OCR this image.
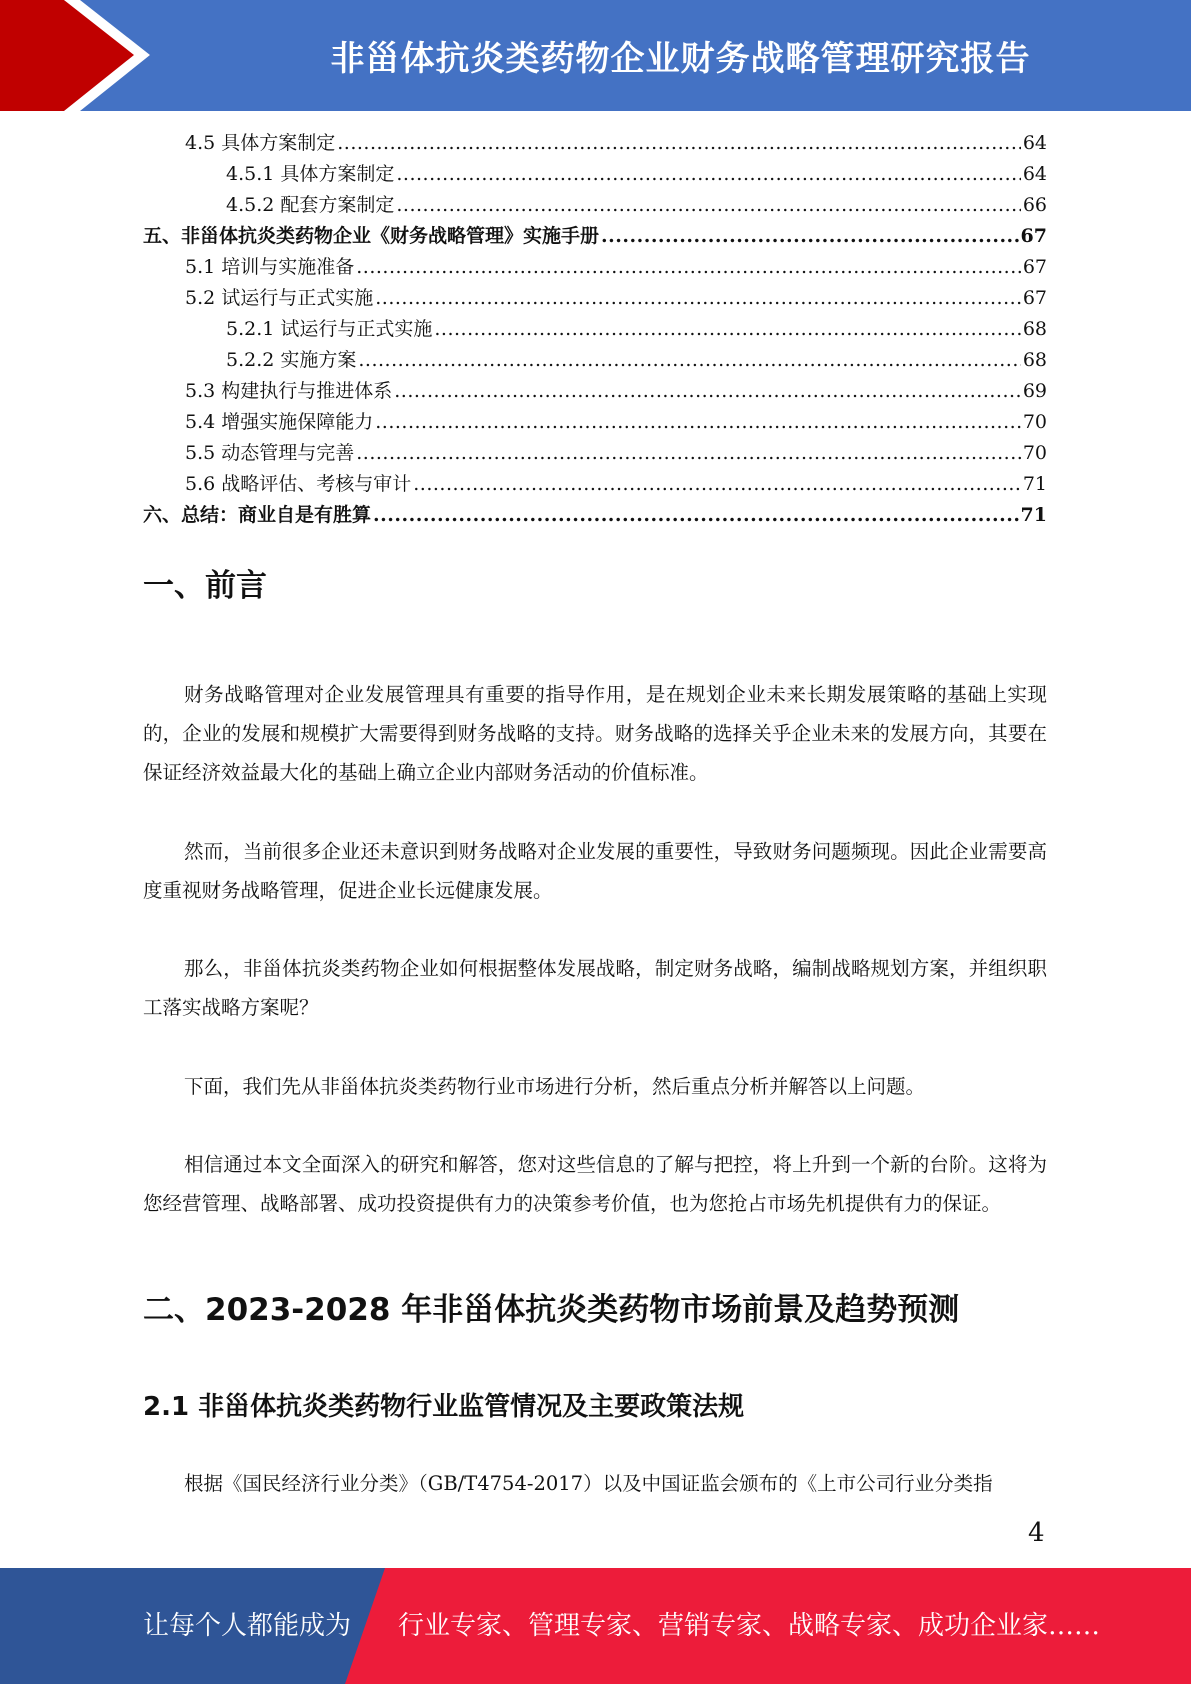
非甾体抗炎类药物企业财务战略管理研究报告
4.5 具体方案制定 .....	64
4.5.1 具体方案制定 .....	64
4.5.2 配套方案制定 .....	66
五、非甾体抗炎类药物企业《财务战略管理》实施手册 .....	67
5.1 培训与实施准备 .....	67
5.2 试运行与正式实施 .....	67
5.2.1 试运行与正式实施 .....	68
5.2.2 实施方案 .....	68
5.3 构建执行与推进体系 .....	69
5.4 增强实施保障能力 .....	70
5.5 动态管理与完善 .....	70
5.6 战略评估、考核与审计 .....	71
六、总结：商业自是有胜算 .....	71
一、前言

财务战略管理对企业发展管理具有重要的指导作用，是在规划企业未来长期发展策略的基础上实现的，企业的发展和规模扩大需要得到财务战略的支持。财务战略的选择关乎企业未来的发展方向，其要在保证经济效益最大化的基础上确立企业内部财务活动的价值标准。

然而，当前很多企业还未意识到财务战略对企业发展的重要性，导致财务问题频现。因此企业需要高度重视财务战略管理，促进企业长远健康发展。

那么，非甾体抗炎类药物企业如何根据整体发展战略，制定财务战略，编制战略规划方案，并组织职工落实战略方案呢？

下面，我们先从非甾体抗炎类药物行业市场进行分析，然后重点分析并解答以上问题。

相信通过本文全面深入的研究和解答，您对这些信息的了解与把控，将上升到一个新的台阶。这将为您经营管理、战略部署、成功投资提供有力的决策参考价值，也为您抢占市场先机提供有力的保证。

二、2023-2028 年非甾体抗炎类药物市场前景及趋势预测
2.1 非甾体抗炎类药物行业监管情况及主要政策法规

根据《国民经济行业分类》（GB/T4754-2017）以及中国证监会颁布的《上市公司行业分类指

4
让每个人都能成为 行业专家、管理专家、营销专家、战略专家、成功企业家……
